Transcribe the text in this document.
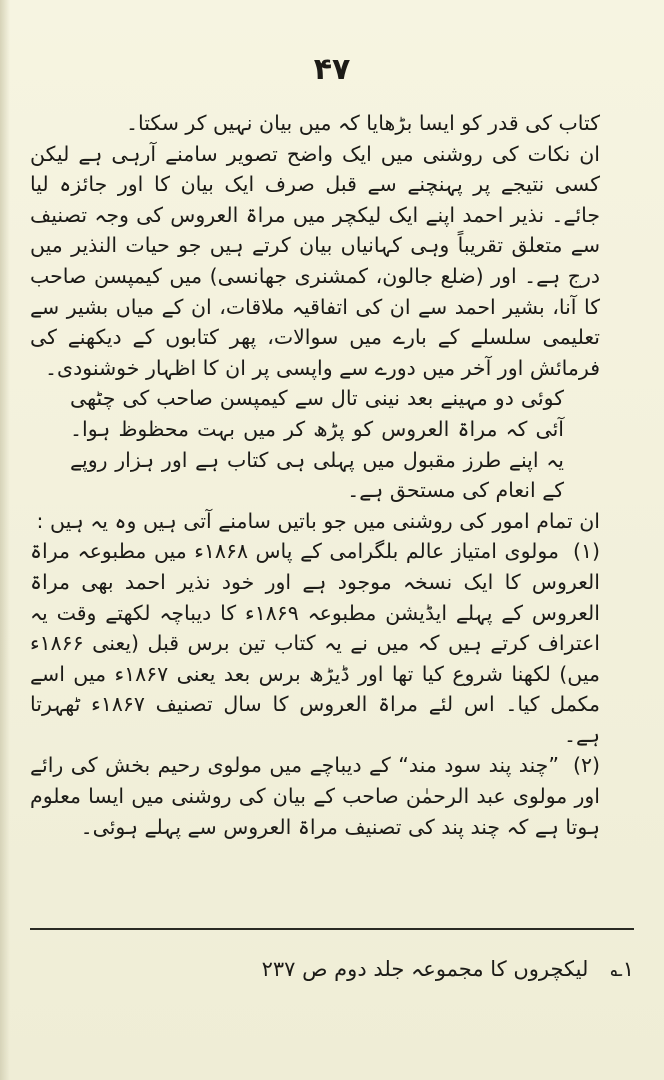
۴۷

کتاب کی قدر کو ایسا بڑھایا کہ میں بیان نہیں کر سکتا۔

ان نکات کی روشنی میں ایک واضح تصویر سامنے آرہی ہے لیکن کسی نتیجے پر پہنچنے سے قبل صرف ایک بیان کا اور جائزہ لیا جائے۔ نذیر احمد اپنے ایک لیکچر میں مراۃ العروس کی وجہ تصنیف سے متعلق تقریباً وہی کہانیاں بیان کرتے ہیں جو حیات النذیر میں درج ہے۔ اور (ضلع جالون، کمشنری جھانسی) میں کیمپسن صاحب کا آنا، بشیر احمد سے ان کی اتفاقیہ ملاقات، ان کے میاں بشیر سے تعلیمی سلسلے کے بارے میں سوالات، پھر کتابوں کے دیکھنے کی فرمائش اور آخر میں دورے سے واپسی پر ان کا اظہار خوشنودی۔

کوئی دو مہینے بعد نینی تال سے کیمپسن صاحب کی چٹھی آئی کہ مراۃ العروس کو پڑھ کر میں بہت محظوظ ہوا۔ یہ اپنے طرز مقبول میں پہلی ہی کتاب ہے اور ہزار روپے کے انعام کی مستحق ہے۔

ان تمام امور کی روشنی میں جو باتیں سامنے آتی ہیں وہ یہ ہیں :

(۱)مولوی امتیاز عالم بلگرامی کے پاس ۱۸۶۸ء میں مطبوعہ مراۃ العروس کا ایک نسخہ موجود ہے اور خود نذیر احمد بھی مراۃ العروس کے پہلے ایڈیشن مطبوعہ ۱۸۶۹ء کا دیباچہ لکھتے وقت یہ اعتراف کرتے ہیں کہ میں نے یہ کتاب تین برس قبل (یعنی ۱۸۶۶ء میں) لکھنا شروع کیا تھا اور ڈیڑھ برس بعد یعنی ۱۸۶۷ء میں اسے مکمل کیا۔ اس لئے مراۃ العروس کا سال تصنیف ۱۸۶۷ء ٹھہرتا ہے۔

(۲)”چند پند سود مند“ کے دیباچے میں مولوی رحیم بخش کی رائے اور مولوی عبد الرحمٰن صاحب کے بیان کی روشنی میں ایسا معلوم ہوتا ہے کہ چند پند کی تصنیف مراۃ العروس سے پہلے ہوئی۔

۱؎لیکچروں کا مجموعہ جلد دوم ص ۲۳۷
